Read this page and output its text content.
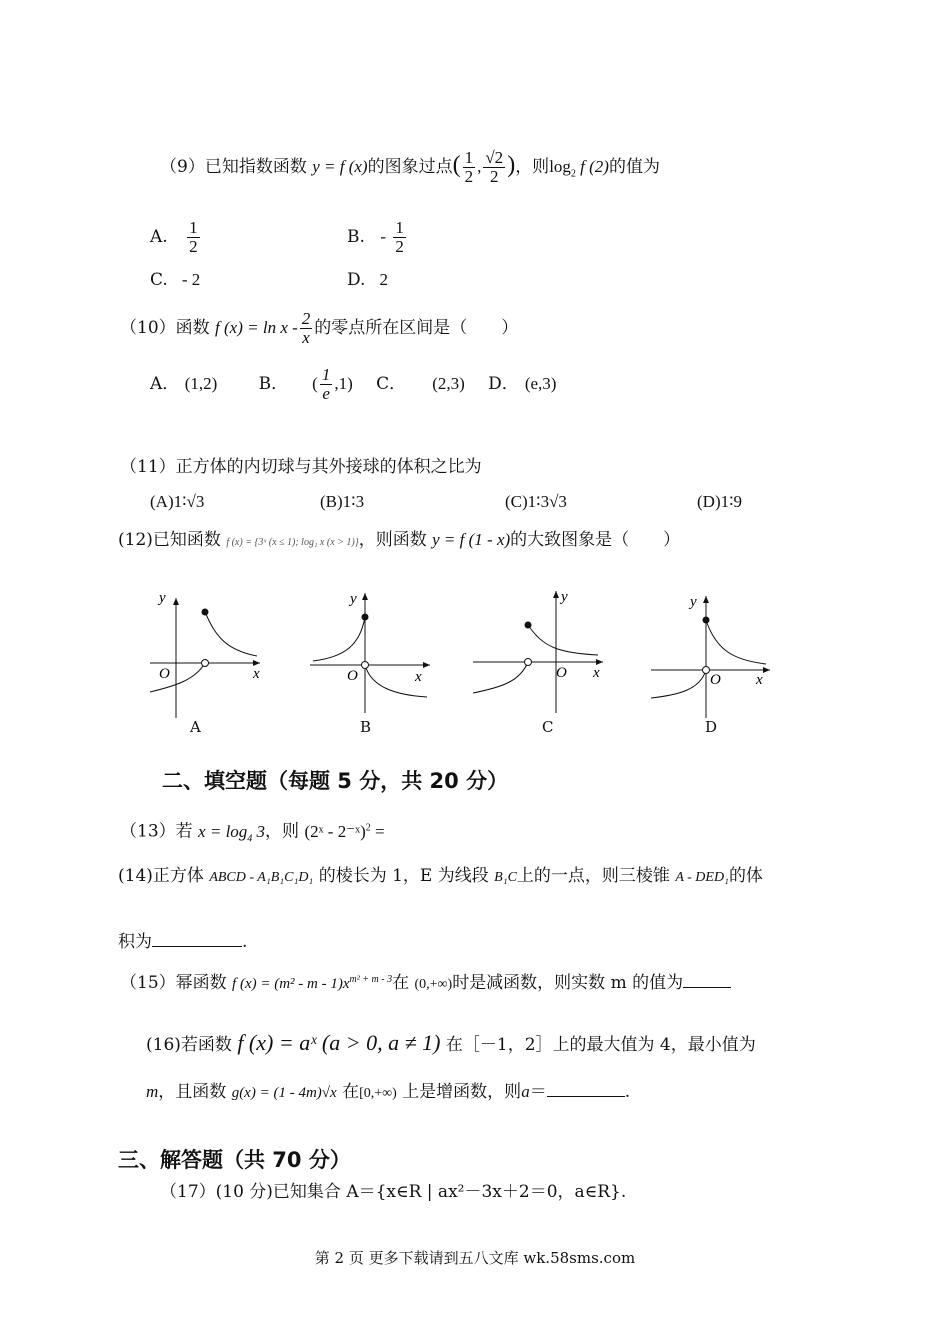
（9）已知指数函数 y = f (x)的图象过点( $\frac{1}{2}$ , $\frac{√2}{2}$ )，则$\log_2 f$ (2)的值为
A. $\frac{1}{2}$	B. - $\frac{1}{2}$
C. - 2	D. 2
（10）函数 f $(x) = \ln x - \frac{2}{x}$ 的零点所在区间是（　　）
A． (1,2) B． ( $\frac{1}{e} ,1$) C． (2,3) D． (e,3)
（11）正方体的内切球与其外接球的体积之比为
(A)1∶√3	(B)1∶3	(C)1∶3√3	(D)1∶9
(12)已知函数 f (x) = {3ˣ (x ≤ 1); log₁ x (x > 1)}，则函数 y = f (1 - x)的大致图象是（　　）
y
x
O
A
y
x
O
B
y
x
O
C
y
x
O
D
二、填空题（每题 5 分，共 20 分）
（13）若 $x = \log_4 3$，则 (2ˣ - 2⁻ˣ)$^2$ =
(14)正方体 ABCD - A₁B₁C₁D₁ 的棱长为 1，E 为线段 B₁C上的一点，则三棱锥 A - DED₁的体
积为	.
（15）幂函数 f $(x) = (m^2 - m - 1)x^{m^2 + m - 3}$在 (0,+∞)时是减函数，则实数 m 的值为
(16)若函数 f (x) = aˣ (a > 0, a ≠ 1) 在［－1，2］上的最大值为 4，最小值为
m，且函数 g(x) = (1 - 4m)√x 在[0,+∞) 上是增函数，则a＝	.
三、解答题（共 70 分）
（17）(10 分)已知集合 A＝{x∈R | ax²－3x＋2＝0，a∈R}.
第 2 页 更多下载请到五八文库 wk.58sms.com
